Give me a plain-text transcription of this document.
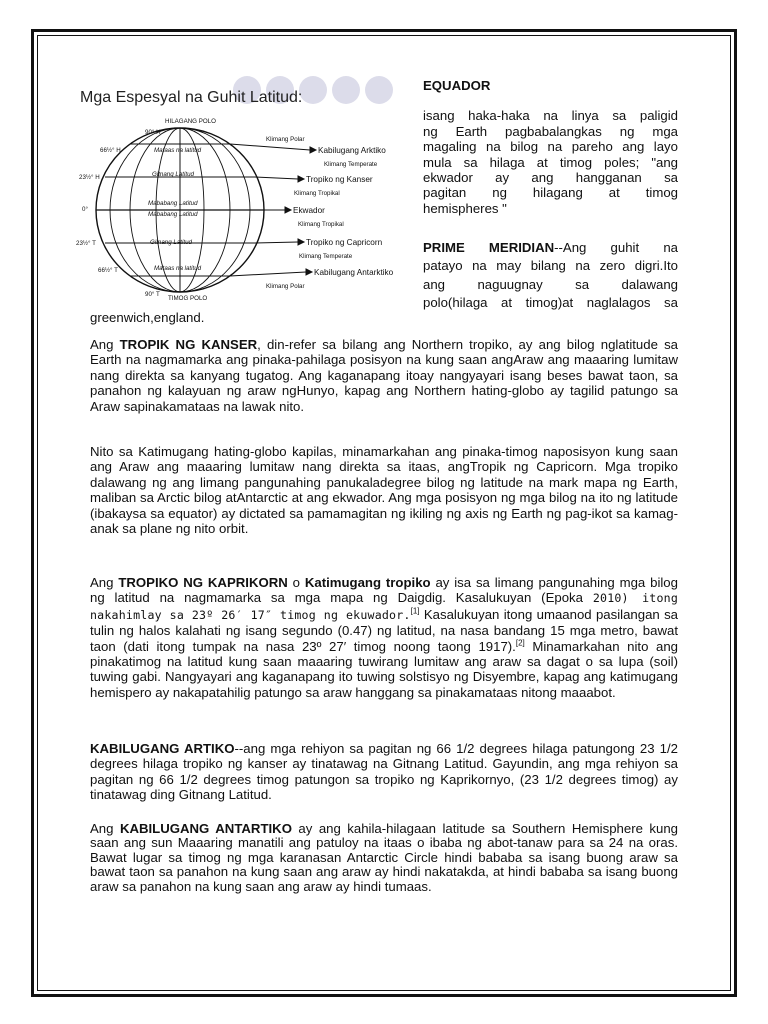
Mga Espesyal na Guhit Latitud:
HILAGANG POLO
TIMOG POLO
90° H
66½° H
23½° H
0°
23½° T
66½° T
90° T
Mataas na latitud
Gitnang Latitud
Mababang Latitud
Mababang Latitud
Gitnang Latitud
Mataas na latitud
Klimang Polar
Kabilugang Arktiko
Klimang Temperate
Tropiko ng Kanser
Klimang Tropikal
Ekwador
Klimang Tropikal
Tropiko ng Capricorn
Klimang Temperate
Kabilugang Antarktiko
Klimang Polar
EQUADOR
isang haka-haka na linya sa paligid
ng Earth pagbabalangkas ng mga
magaling na bilog na pareho ang layo
mula sa hilaga at timog poles; "ang
ekwador ay ang hangganan sa
pagitan ng hilagang at timog
hemispheres "
PRIME MERIDIAN--Ang guhit na
patayo na may bilang na zero digri.Ito
ang naguugnay sa dalawang
polo(hilaga at timog)at naglalagos sa
greenwich,england.
Ang TROPIK NG KANSER, din-refer sa bilang ang Northern tropiko, ay ang bilog nglatitude sa Earth na nagmamarka ang pinaka-pahilaga posisyon na kung saan angAraw ang maaaring lumitaw nang direkta sa kanyang tugatog. Ang kaganapang itoay nangyayari isang beses bawat taon, sa panahon ng kalayuan ng araw ngHunyo, kapag ang Northern hating-globo ay tagilid patungo sa Araw sapinakamataas na lawak nito.
Nito sa Katimugang hating-globo kapilas, minamarkahan ang pinaka-timog naposisyon kung saan ang Araw ang maaaring lumitaw nang direkta sa itaas, angTropik ng Capricorn. Mga tropiko dalawang ng ang limang pangunahing panukaladegree bilog ng latitude na mark mapa ng Earth, maliban sa Arctic bilog atAntarctic at ang ekwador. Ang mga posisyon ng mga bilog na ito ng latitude (ibakaysa sa equator) ay dictated sa pamamagitan ng ikiling ng axis ng Earth ng pag-ikot sa kamag-anak sa plane ng nito orbit.
Ang TROPIKO NG KAPRIKORN o Katimugang tropiko ay isa sa limang pangunahing mga bilog ng latitud na nagmamarka sa mga mapa ng Daigdig. Kasalukuyan (Epoka 2010) itong nakahimlay sa 23º 26′ 17″ timog ng ekuwador.[1] Kasalukuyan itong umaanod pasilangan sa tulin ng halos kalahati ng isang segundo (0.47) ng latitud, na nasa bandang 15 mga metro, bawat taon (dati itong tumpak na nasa 23º 27′ timog noong taong 1917).[2] Minamarkahan nito ang pinakatimog na latitud kung saan maaaring tuwirang lumitaw ang araw sa dagat o sa lupa (soil) tuwing gabi. Nangyayari ang kaganapang ito tuwing solstisyo ng Disyembre, kapag ang katimugang hemispero ay nakapatahilig patungo sa araw hanggang sa pinakamataas nitong maaabot.
KABILUGANG ARTIKO--ang mga rehiyon sa pagitan ng 66 1/2 degrees hilaga patungong 23 1/2 degrees hilaga tropiko ng kanser ay tinatawag na Gitnang Latitud. Gayundin, ang mga rehiyon sa pagitan ng 66 1/2 degrees timog patungon sa tropiko ng Kaprikornyo, (23 1/2 degrees timog) ay tinatawag ding Gitnang Latitud.
Ang KABILUGANG ANTARTIKO ay ang kahila-hilagaan latitude sa Southern Hemisphere kung saan ang sun Maaaring manatili ang patuloy na itaas o ibaba ng abot-tanaw para sa 24 na oras. Bawat lugar sa timog ng mga karanasan Antarctic Circle hindi bababa sa isang buong araw sa bawat taon sa panahon na kung saan ang araw ay hindi nakatakda, at hindi bababa sa isang buong araw sa panahon na kung saan ang araw ay hindi tumaas.
